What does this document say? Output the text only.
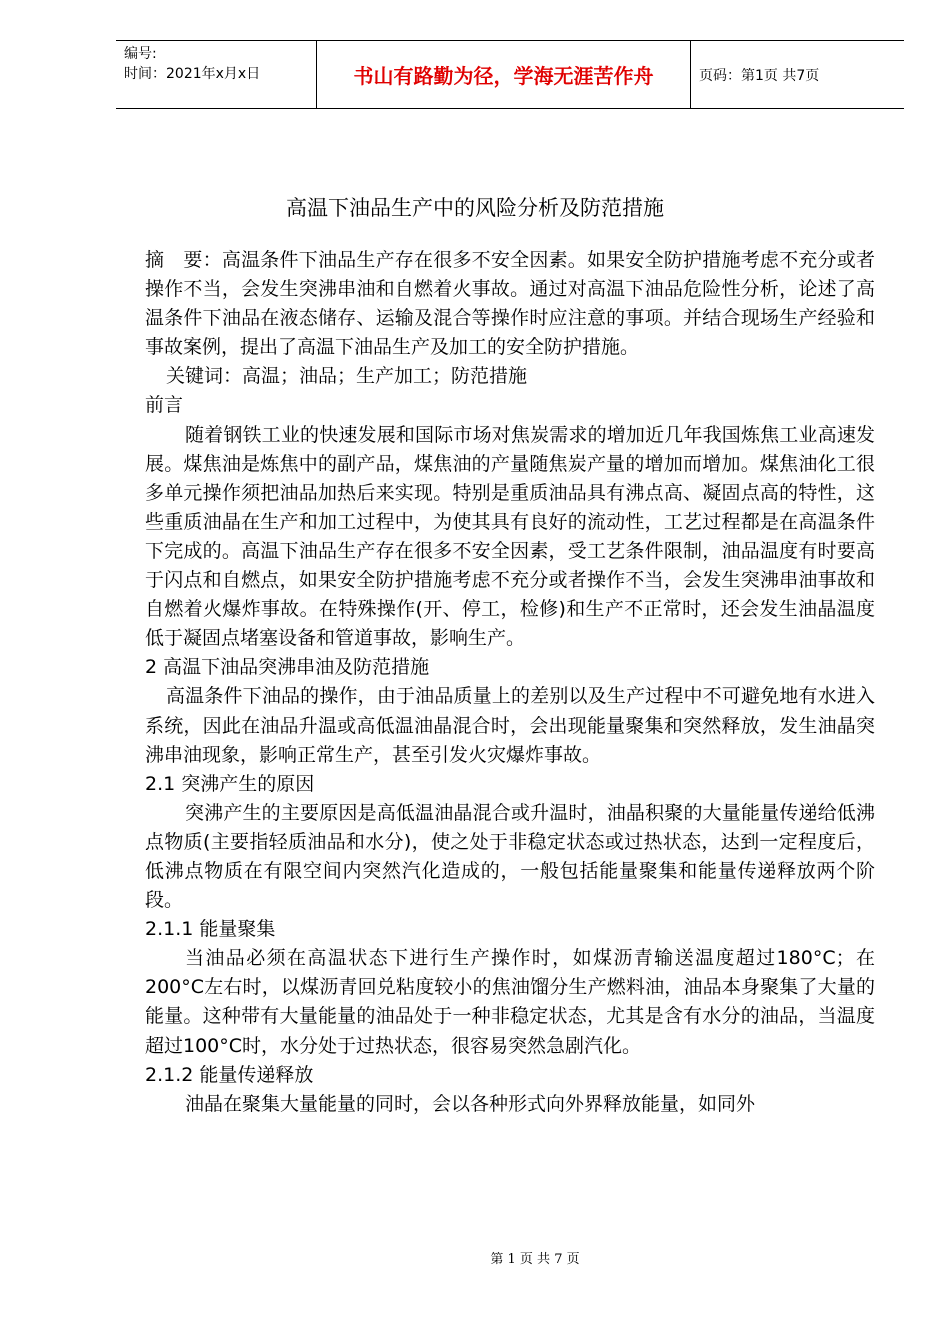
编号:
时间：2021年x月x日	书山有路勤为径，学海无涯苦作舟	页码：第1页 共7页
高温下油品生产中的风险分析及防范措施

摘　要：高温条件下油品生产存在很多不安全因素。如果安全防护措施考虑不充分或者操作不当，会发生突沸串油和自燃着火事故。通过对高温下油品危险性分析，论述了高温条件下油品在液态储存、运输及混合等操作时应注意的事项。并结合现场生产经验和事故案例，提出了高温下油品生产及加工的安全防护措施。

关键词：高温；油品；生产加工；防范措施

前言

随着钢铁工业的快速发展和国际市场对焦炭需求的增加近几年我国炼焦工业高速发展。煤焦油是炼焦中的副产品，煤焦油的产量随焦炭产量的增加而增加。煤焦油化工很多单元操作须把油品加热后来实现。特别是重质油品具有沸点高、凝固点高的特性，这些重质油晶在生产和加工过程中，为使其具有良好的流动性，工艺过程都是在高温条件下完成的。高温下油品生产存在很多不安全因素，受工艺条件限制，油品温度有时要高于闪点和自燃点，如果安全防护措施考虑不充分或者操作不当，会发生突沸串油事故和自燃着火爆炸事故。在特殊操作(开、停工，检修)和生产不正常时，还会发生油晶温度低于凝固点堵塞设备和管道事故，影响生产。

2 高温下油品突沸串油及防范措施

高温条件下油品的操作，由于油品质量上的差别以及生产过程中不可避免地有水进入系统，因此在油品升温或高低温油晶混合时，会出现能量聚集和突然释放，发生油晶突沸串油现象，影响正常生产，甚至引发火灾爆炸事故。

2.1 突沸产生的原因

突沸产生的主要原因是高低温油晶混合或升温时，油晶积聚的大量能量传递给低沸点物质(主要指轻质油品和水分)，使之处于非稳定状态或过热状态，达到一定程度后，低沸点物质在有限空间内突然汽化造成的，一般包括能量聚集和能量传递释放两个阶段。

2.1.1 能量聚集

当油品必须在高温状态下进行生产操作时，如煤沥青输送温度超过180°C；在200°C左右时，以煤沥青回兑粘度较小的焦油馏分生产燃料油，油品本身聚集了大量的能量。这种带有大量能量的油品处于一种非稳定状态，尤其是含有水分的油品，当温度超过100°C时，水分处于过热状态，很容易突然急剧汽化。

2.1.2 能量传递释放

油晶在聚集大量能量的同时，会以各种形式向外界释放能量，如同外

第 1 页 共 7 页
